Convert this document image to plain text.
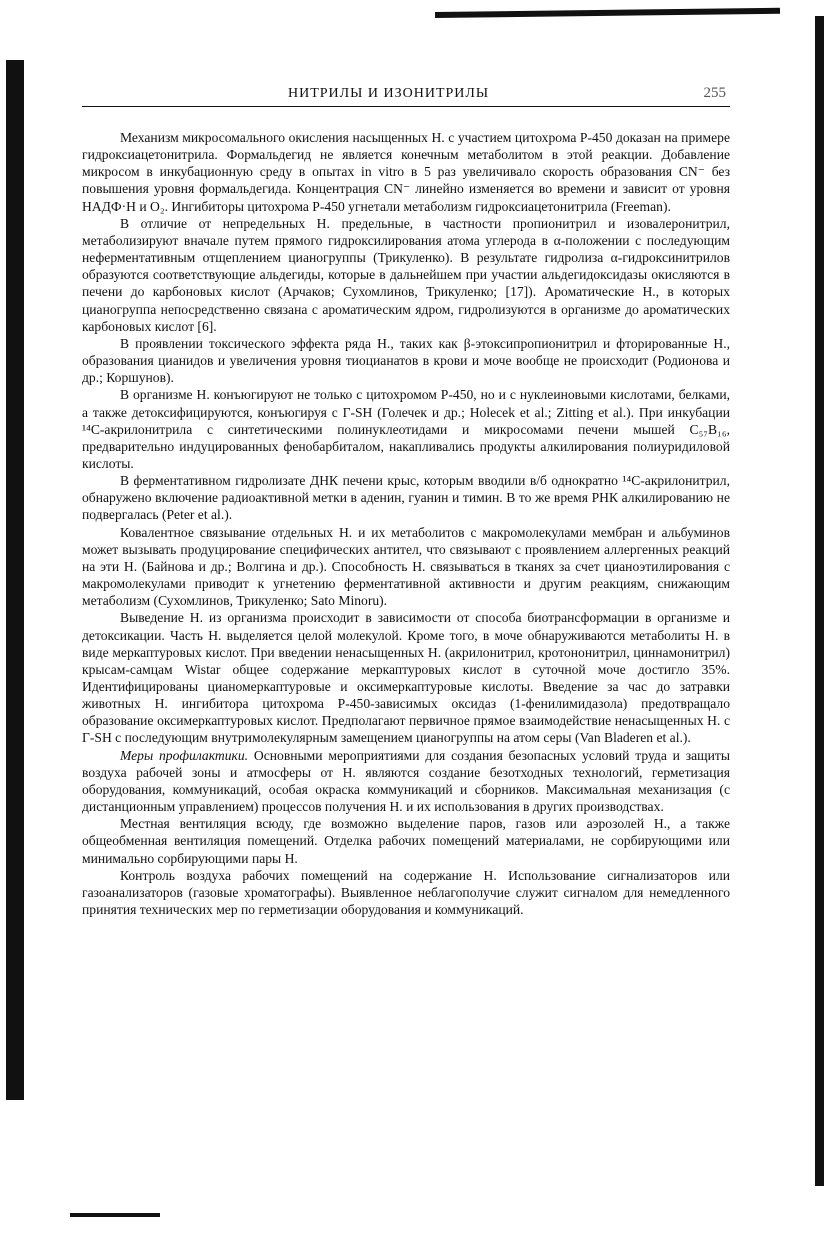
НИТРИЛЫ И ИЗОНИТРИЛЫ	255

Механизм микросомального окисления насыщенных Н. с участием цитохрома Р-450 доказан на примере гидроксиацетонитрила. Формальдегид не является конечным метаболитом в этой реакции. Добавление микросом в инкубационную среду в опытах in vitro в 5 раз увеличивало скорость образования CN⁻ без повышения уровня формальдегида. Концентрация CN⁻ линейно изменяется во времени и зависит от уровня НАДФ·Н и O₂. Ингибиторы цитохрома Р-450 угнетали метаболизм гидроксиацетонитрила (Freeman).

В отличие от непредельных Н. предельные, в частности пропионитрил и изовалеронитрил, метаболизируют вначале путем прямого гидроксилирования атома углерода в α-положении с последующим неферментативным отщеплением цианогруппы (Трикуленко). В результате гидролиза α-гидроксинитрилов образуются соответствующие альдегиды, которые в дальнейшем при участии альдегидоксидазы окисляются в печени до карбоновых кислот (Арчаков; Сухомлинов, Трикуленко; [17]). Ароматические Н., в которых цианогруппа непосредственно связана с ароматическим ядром, гидролизуются в организме до ароматических карбоновых кислот [6].

В проявлении токсического эффекта ряда Н., таких как β-этоксипропионитрил и фторированные Н., образования цианидов и увеличения уровня тиоцианатов в крови и моче вообще не происходит (Родионова и др.; Коршунов).

В организме Н. конъюгируют не только с цитохромом Р-450, но и с нуклеиновыми кислотами, белками, а также детоксифицируются, конъюгируя с Г-SH (Голечек и др.; Holecek et al.; Zitting et al.). При инкубации ¹⁴С-акрилонитрила с синтетическими полинуклеотидами и микросомами печени мышей C₅₇B₁₆, предварительно индуцированных фенобарбиталом, накапливались продукты алкилирования полиуридиловой кислоты.

В ферментативном гидролизате ДНК печени крыс, которым вводили в/б однократно ¹⁴С-акрилонитрил, обнаружено включение радиоактивной метки в аденин, гуанин и тимин. В то же время РНК алкилированию не подвергалась (Peter et al.).

Ковалентное связывание отдельных Н. и их метаболитов с макромолекулами мембран и альбуминов может вызывать продуцирование специфических антител, что связывают с проявлением аллергенных реакций на эти Н. (Байнова и др.; Волгина и др.). Способность Н. связываться в тканях за счет цианоэтилирования с макромолекулами приводит к угнетению ферментативной активности и другим реакциям, снижающим метаболизм (Сухомлинов, Трикуленко; Sato Minoru).

Выведение Н. из организма происходит в зависимости от способа биотрансформации в организме и детоксикации. Часть Н. выделяется целой молекулой. Кроме того, в моче обнаруживаются метаболиты Н. в виде меркаптуровых кислот. При введении ненасыщенных Н. (акрилонитрил, кротононитрил, циннамонитрил) крысам-самцам Wistar общее содержание меркаптуровых кислот в суточной моче достигло 35%. Идентифицированы цианомеркаптуровые и оксимеркаптуровые кислоты. Введение за час до затравки животных Н. ингибитора цитохрома Р-450-зависимых оксидаз (1-фенилимидазола) предотвращало образование оксимеркаптуровых кислот. Предполагают первичное прямое взаимодействие ненасыщенных Н. с Г-SH с последующим внутримолекулярным замещением цианогруппы на атом серы (Van Bladeren et al.).

Меры профилактики. Основными мероприятиями для создания безопасных условий труда и защиты воздуха рабочей зоны и атмосферы от Н. являются создание безотходных технологий, герметизация оборудования, коммуникаций, особая окраска коммуникаций и сборников. Максимальная механизация (с дистанционным управлением) процессов получения Н. и их использования в других производствах.

Местная вентиляция всюду, где возможно выделение паров, газов или аэрозолей Н., а также общеобменная вентиляция помещений. Отделка рабочих помещений материалами, не сорбирующими или минимально сорбирующими пары Н.

Контроль воздуха рабочих помещений на содержание Н. Использование сигнализаторов или газоанализаторов (газовые хроматографы). Выявленное неблагополучие служит сигналом для немедленного принятия технических мер по герметизации оборудования и коммуникаций.
